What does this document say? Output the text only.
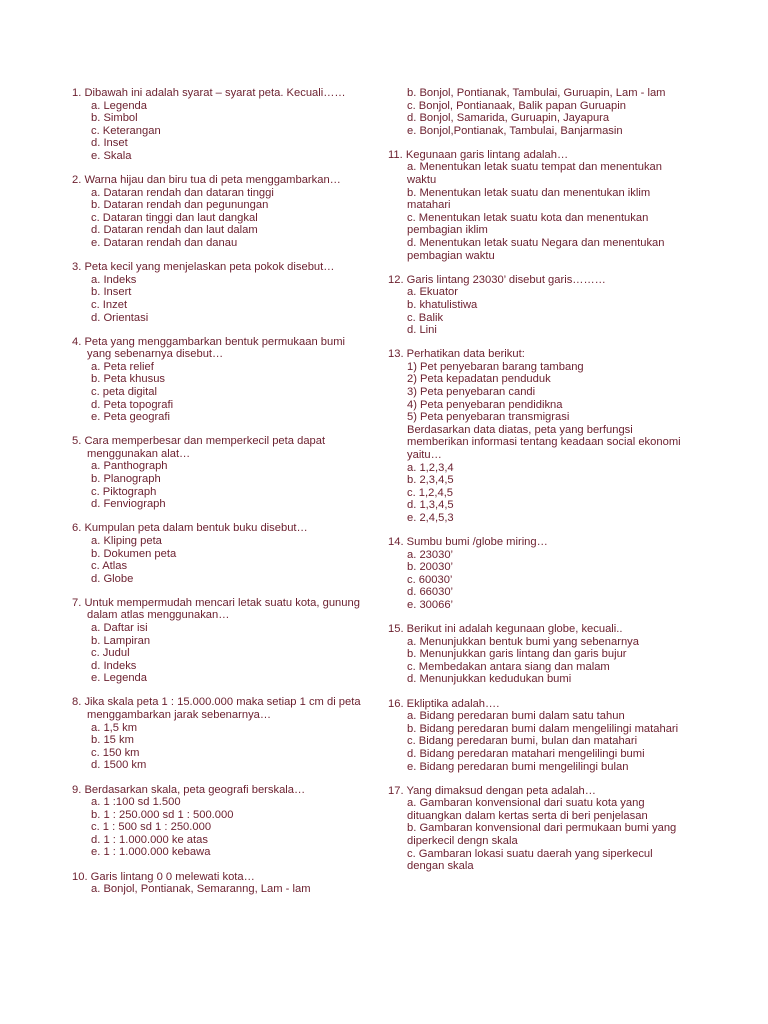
1. Dibawah ini adalah syarat – syarat peta. Kecuali……
a. Legenda
b. Simbol
c. Keterangan
d. Inset
e. Skala
2. Warna hijau dan biru tua di peta menggambarkan…
a. Dataran rendah dan dataran tinggi
b. Dataran rendah dan pegunungan
c. Dataran tinggi dan laut dangkal
d. Dataran rendah dan laut dalam
e. Dataran rendah dan danau
3. Peta kecil yang menjelaskan peta pokok disebut…
a. Indeks
b. Insert
c. Inzet
d. Orientasi
4. Peta yang menggambarkan bentuk permukaan bumi yang sebenarnya disebut…
a. Peta relief
b. Peta khusus
c. peta digital
d. Peta topografi
e. Peta geografi
5. Cara memperbesar dan memperkecil peta dapat menggunakan alat…
a. Panthograph
b. Planograph
c. Piktograph
d. Fenviograph
6. Kumpulan peta dalam bentuk buku disebut…
a. Kliping peta
b. Dokumen peta
c. Atlas
d. Globe
7. Untuk mempermudah mencari letak suatu kota, gunung dalam atlas menggunakan…
a. Daftar isi
b. Lampiran
c. Judul
d. Indeks
e. Legenda
8. Jika skala peta 1 : 15.000.000 maka setiap 1 cm di peta menggambarkan jarak sebenarnya…
a. 1,5 km
b. 15 km
c. 150 km
d. 1500 km
9. Berdasarkan skala, peta geografi berskala…
a. 1 :100 sd 1.500
b. 1 : 250.000 sd 1 : 500.000
c. 1 : 500 sd 1 : 250.000
d. 1 : 1.000.000 ke atas
e. 1 : 1.000.000 kebawa
10. Garis lintang 0 0 melewati kota…
a. Bonjol, Pontianak, Semaranng, Lam - lam
b. Bonjol, Pontianak, Tambulai, Guruapin, Lam - lam
c. Bonjol, Pontianaak, Balik papan Guruapin
d. Bonjol, Samarida, Guruapin, Jayapura
e. Bonjol,Pontianak, Tambulai, Banjarmasin
11. Kegunaan garis lintang adalah…
a. Menentukan letak suatu tempat dan menentukan waktu
b. Menentukan letak suatu dan menentukan iklim matahari
c. Menentukan letak suatu kota dan menentukan pembagian iklim
d. Menentukan letak suatu Negara dan menentukan pembagian waktu
12. Garis lintang 23030’ disebut garis………
a. Ekuator
b. khatulistiwa
c. Balik
d. Lini
13. Perhatikan data berikut:
1) Pet penyebaran barang tambang
2) Peta kepadatan penduduk
3) Peta penyebaran candi
4) Peta penyebaran pendidikna
5) Peta penyebaran transmigrasi
Berdasarkan data diatas, peta yang berfungsi memberikan informasi tentang keadaan social ekonomi yaitu…
a. 1,2,3,4
b. 2,3,4,5
c. 1,2,4,5
d. 1,3,4,5
e. 2,4,5,3
14. Sumbu bumi /globe miring…
a. 23030’
b. 20030’
c. 60030’
d. 66030’
e. 30066’
15. Berikut ini adalah kegunaan globe, kecuali..
a. Menunjukkan bentuk bumi yang sebenarnya
b. Menunjukkan garis lintang dan garis bujur
c. Membedakan antara siang dan malam
d. Menunjukkan kedudukan bumi
16. Ekliptika adalah….
a. Bidang peredaran bumi dalam satu tahun
b. Bidang peredaran bumi dalam mengelilingi matahari
c. Bidang peredaran bumi, bulan dan matahari
d. Bidang peredaran matahari mengelilingi bumi
e. Bidang peredaran bumi mengelilingi bulan
17. Yang dimaksud dengan peta adalah…
a. Gambaran konvensional dari suatu kota yang dituangkan dalam kertas serta di beri penjelasan
b. Gambaran konvensional dari permukaan bumi yang diperkecil dengn skala
c. Gambaran lokasi suatu daerah yang siperkecul dengan skala
